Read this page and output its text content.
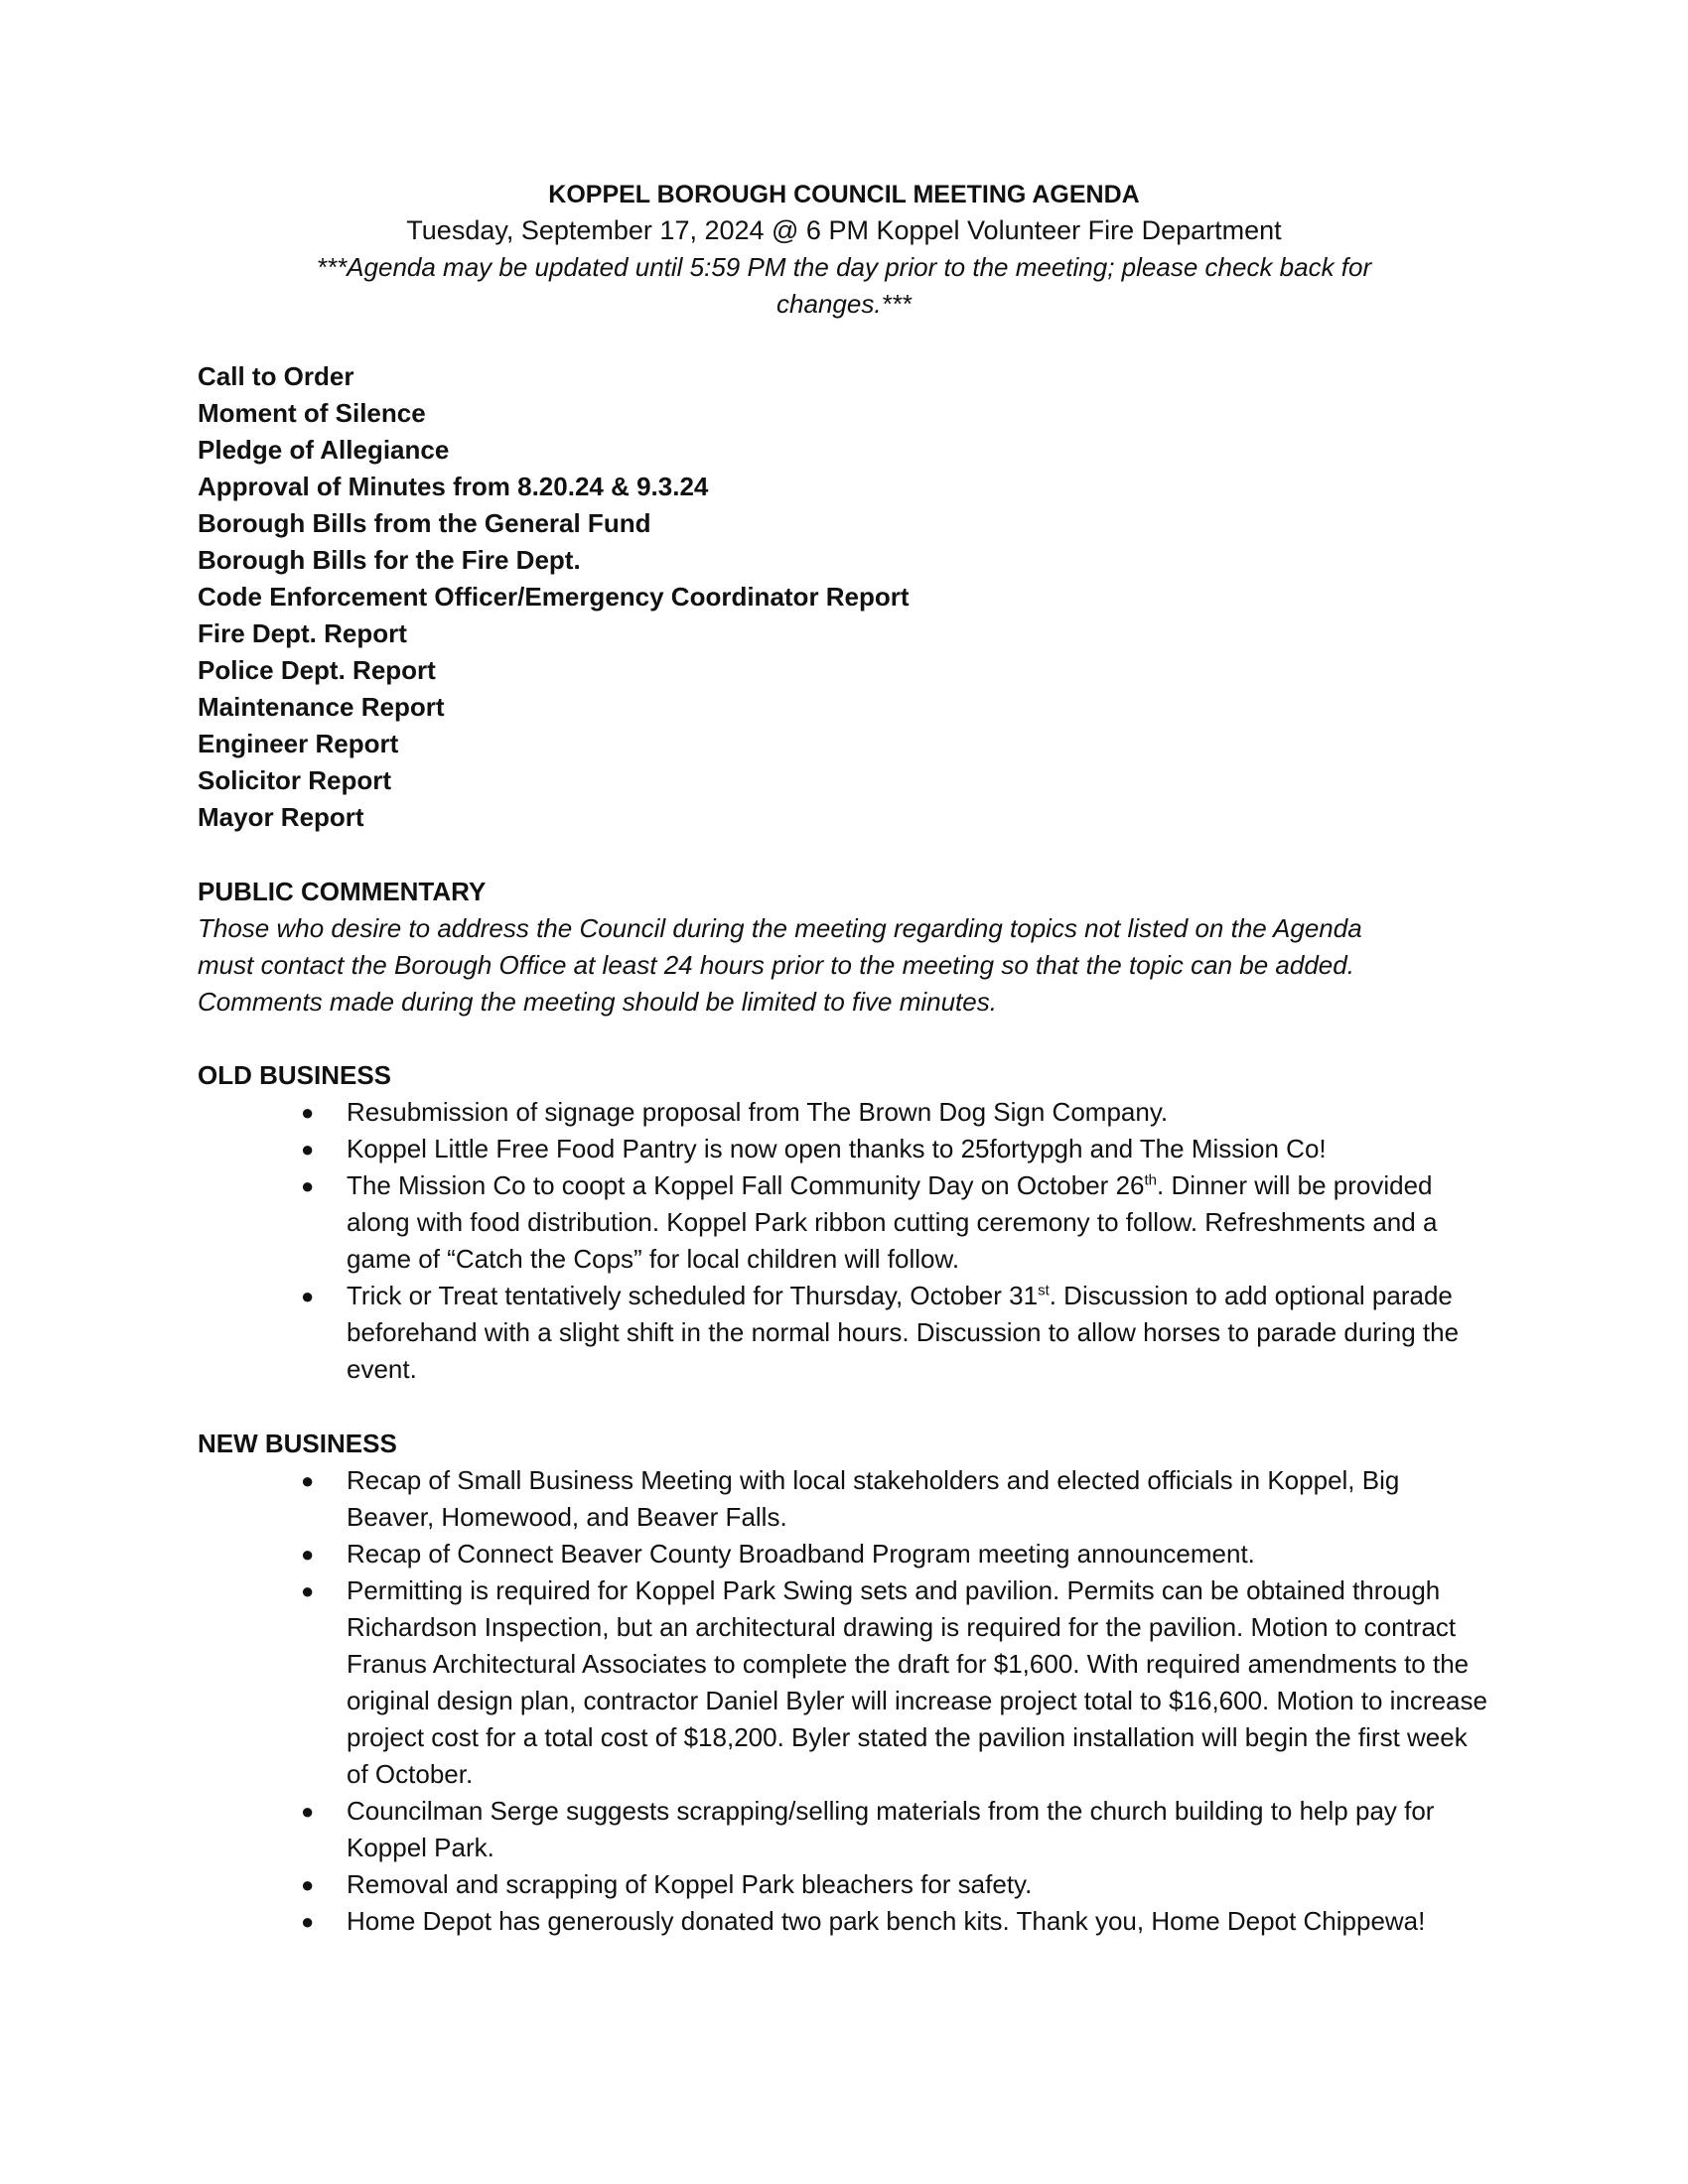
KOPPEL BOROUGH COUNCIL MEETING AGENDA
Tuesday, September 17, 2024 @ 6 PM Koppel Volunteer Fire Department
***Agenda may be updated until 5:59 PM the day prior to the meeting; please check back for
changes.***
Call to Order
Moment of Silence
Pledge of Allegiance
Approval of Minutes from 8.20.24 & 9.3.24
Borough Bills from the General Fund
Borough Bills for the Fire Dept.
Code Enforcement Officer/Emergency Coordinator Report
Fire Dept. Report
Police Dept. Report
Maintenance Report
Engineer Report
Solicitor Report
Mayor Report
PUBLIC COMMENTARY
Those who desire to address the Council during the meeting regarding topics not listed on the Agenda
must contact the Borough Office at least 24 hours prior to the meeting so that the topic can be added.
Comments made during the meeting should be limited to five minutes.
OLD BUSINESS
● Resubmission of signage proposal from The Brown Dog Sign Company.
● Koppel Little Free Food Pantry is now open thanks to 25fortypgh and The Mission Co!
● The Mission Co to coopt a Koppel Fall Community Day on October 26th. Dinner will be provided along with food distribution. Koppel Park ribbon cutting ceremony to follow. Refreshments and a game of “Catch the Cops” for local children will follow.
● Trick or Treat tentatively scheduled for Thursday, October 31st. Discussion to add optional parade beforehand with a slight shift in the normal hours. Discussion to allow horses to parade during the event.
NEW BUSINESS
● Recap of Small Business Meeting with local stakeholders and elected officials in Koppel, Big Beaver, Homewood, and Beaver Falls.
● Recap of Connect Beaver County Broadband Program meeting announcement.
● Permitting is required for Koppel Park Swing sets and pavilion. Permits can be obtained through Richardson Inspection, but an architectural drawing is required for the pavilion. Motion to contract Franus Architectural Associates to complete the draft for $1,600. With required amendments to the original design plan, contractor Daniel Byler will increase project total to $16,600. Motion to increase project cost for a total cost of $18,200. Byler stated the pavilion installation will begin the first week of October.
● Councilman Serge suggests scrapping/selling materials from the church building to help pay for Koppel Park.
● Removal and scrapping of Koppel Park bleachers for safety.
● Home Depot has generously donated two park bench kits. Thank you, Home Depot Chippewa!
